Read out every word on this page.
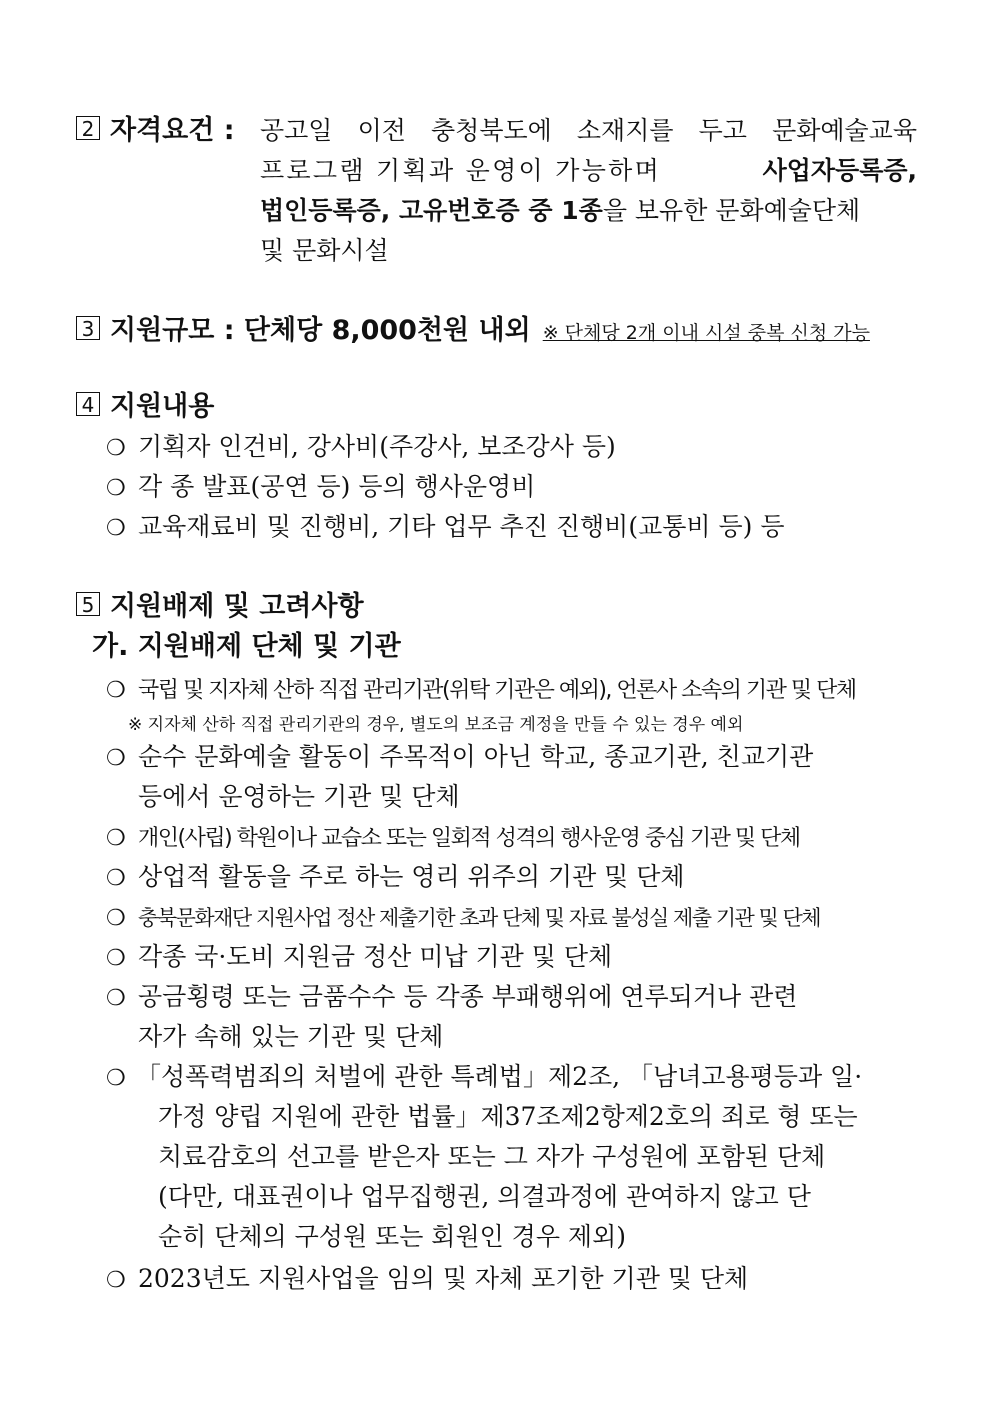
2 자격요건 : 공고일 이전 충청북도에 소재지를 두고 문화예술교육
프로그램 기획과 운영이 가능하며	사업자등록증,
법인등록증, 고유번호증 중 1종을 보유한 문화예술단체
및 문화시설
3 지원규모 : 단체당 8,000천원 내외 ※ 단체당 2개 이내 시설 중복 신청 가능
4 지원내용
❍ 기획자 인건비, 강사비(주강사, 보조강사 등)
❍ 각 종 발표(공연 등) 등의 행사운영비
❍ 교육재료비 및 진행비, 기타 업무 추진 진행비(교통비 등) 등
5 지원배제 및 고려사항
가. 지원배제 단체 및 기관
❍ 국립 및 지자체 산하 직접 관리기관(위탁 기관은 예외), 언론사 소속의 기관 및 단체
※ 지자체 산하 직접 관리기관의 경우, 별도의 보조금 계정을 만들 수 있는 경우 예외
❍ 순수 문화예술 활동이 주목적이 아닌 학교, 종교기관, 친교기관
등에서 운영하는 기관 및 단체
❍ 개인(사립) 학원이나 교습소 또는 일회적 성격의 행사운영 중심 기관 및 단체
❍ 상업적 활동을 주로 하는 영리 위주의 기관 및 단체
❍ 충북문화재단 지원사업 정산 제출기한 초과 단체 및 자료 불성실 제출 기관 및 단체
❍ 각종 국·도비 지원금 정산 미납 기관 및 단체
❍ 공금횡령 또는 금품수수 등 각종 부패행위에 연루되거나 관련
자가 속해 있는 기관 및 단체
❍ 「성폭력범죄의 처벌에 관한 특례법」제2조, 「남녀고용평등과 일·
가정 양립 지원에 관한 법률」제37조제2항제2호의 죄로 형 또는
치료감호의 선고를 받은자 또는 그 자가 구성원에 포함된 단체
(다만, 대표권이나 업무집행권, 의결과정에 관여하지 않고 단
순히 단체의 구성원 또는 회원인 경우 제외)
❍ 2023년도 지원사업을 임의 및 자체 포기한 기관 및 단체
